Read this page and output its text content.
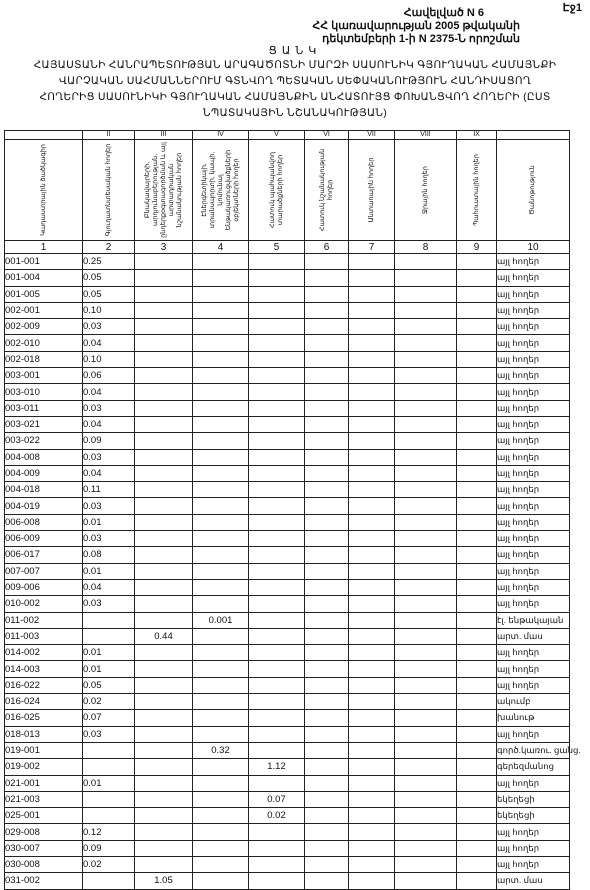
Էջ1
Հավելված N 6
ՀՀ կառավարության 2005 թվականի
դեկտեմբերի 1-ի N 2375-Ն որոշման
ՑԱՆԿ
ՀԱՅԱՍՏԱՆԻ ՀԱՆՐԱՊԵՏՈՒԹՅԱՆ ԱՐԱԳԱԾՈՏՆԻ ՄԱՐԶԻ ՍԱՍՈՒՆԻԿ ԳՅՈՒՂԱԿԱՆ ՀԱՄԱՅՆՔԻ
ՎԱՐՉԱԿԱՆ ՍԱՀՄԱՆՆԵՐՈՒՄ ԳՏՆՎՈՂ ՊԵՏԱԿԱՆ ՍԵՓԱԿԱՆՈՒԹՅՈՒՆ ՀԱՆԴԻՍԱՑՈՂ
ՀՈՂԵՐԻՑ ՍԱՍՈՒՆԻԿԻ ԳՅՈՒՂԱԿԱՆ ՀԱՄԱՅՆՔԻՆ ԱՆՀԱՏՈՒՅՑ ՓՈԽԱՆՑՎՈՂ ՀՈՂԵՐԻ (ԸՍՏ
ՆՊԱՏԱԿԱՅԻՆ ՆՇԱՆԱԿՈՒԹՅԱՆ)
	II	III	IV	V	VI	VII	VIII	IX	

Կադաստրային ծածկագիր	Գյուղատնտեսական հողեր	Բնակավայրերի, արդյունաբերության, ընդերքօգտագործման և այլ արտադրական նշանակության հողեր	Էներգետիկայի, տրանսպորտի, կապի, կոմունալ ենթակառուցվածքների օբյեկտների հողեր	Հատուկ պահպանվող տարածքների հողեր	Հատուկ նշանակության հողեր	Անտառային հողեր	Ջրային հողեր	Պահուստային հողեր	Ծանոթություն

1	2	3	4	5	6	7	8	9	10
001-001	0.25								այլ հողեր
001-004	0.05								այլ հողեր
001-005	0.05								այլ հողեր
002-001	0.10								այլ հողեր
002-009	0.03								այլ հողեր
002-010	0.04								այլ հողեր
002-018	0.10								այլ հողեր
003-001	0.06								այլ հողեր
003-010	0.04								այլ հողեր
003-011	0.03								այլ հողեր
003-021	0.04								այլ հողեր
003-022	0.09								այլ հողեր
004-008	0.03								այլ հողեր
004-009	0.04								այլ հողեր
004-018	0.11								այլ հողեր
004-019	0.03								այլ հողեր
006-008	0.01								այլ հողեր
006-009	0.03								այլ հողեր
006-017	0.08								այլ հողեր
007-007	0.01								այլ հողեր
009-006	0.04								այլ հողեր
010-002	0.03								այլ հողեր
011-002			0.001						էլ. ենթակայան
011-003		0.44							արտ. մաս
014-002	0.01								այլ հողեր
014-003	0.01								այլ հողեր
016-022	0.05								այլ հողեր
016-024	0.02								ակումբ
016-025	0.07								խանութ
018-013	0.03								այլ հողեր
019-001			0.32						գործ.կառու. ցանց.
019-002				1.12					գերեզմանոց
021-001	0.01								այլ հողեր
021-003				0.07					եկեղեցի
025-001				0.02					եկեղեցի
029-008	0.12								այլ հողեր
030-007	0.09								այլ հողեր
030-008	0.02								այլ հողեր
031-002		1.05							արտ. մաս
